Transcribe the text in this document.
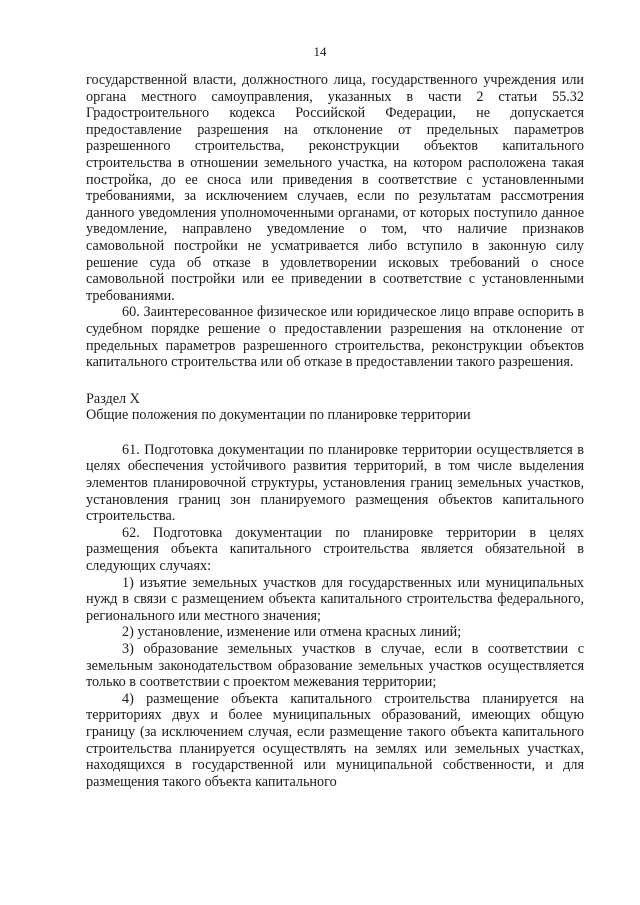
14

государственной власти, должностного лица, государственного учреждения или органа местного самоуправления, указанных в части 2 статьи 55.32 Градостроительного кодекса Российской Федерации, не допускается предоставление разрешения на отклонение от предельных параметров разрешенного строительства, реконструкции объектов капитального строительства в отношении земельного участка, на котором расположена такая постройка, до ее сноса или приведения в соответствие с установленными требованиями, за исключением случаев, если по результатам рассмотрения данного уведомления уполномоченными органами, от которых поступило данное уведомление, направлено уведомление о том, что наличие признаков самовольной постройки не усматривается либо вступило в законную силу решение суда об отказе в удовлетворении исковых требований о сносе самовольной постройки или ее приведении в соответствие с установленными требованиями.

60. Заинтересованное физическое или юридическое лицо вправе оспорить в судебном порядке решение о предоставлении разрешения на отклонение от предельных параметров разрешенного строительства, реконструкции объектов капитального строительства или об отказе в предоставлении такого разрешения.

Раздел X

Общие положения по документации по планировке территории

61. Подготовка документации по планировке территории осуществляется в целях обеспечения устойчивого развития территорий, в том числе выделения элементов планировочной структуры, установления границ земельных участков, установления границ зон планируемого размещения объектов капитального строительства.

62. Подготовка документации по планировке территории в целях размещения объекта капитального строительства является обязательной в следующих случаях:

1) изъятие земельных участков для государственных или муниципальных нужд в связи с размещением объекта капитального строительства федерального, регионального или местного значения;

2) установление, изменение или отмена красных линий;

3) образование земельных участков в случае, если в соответствии с земельным законодательством образование земельных участков осуществляется только в соответствии с проектом межевания территории;

4) размещение объекта капитального строительства планируется на территориях двух и более муниципальных образований, имеющих общую границу (за исключением случая, если размещение такого объекта капитального строительства планируется осуществлять на землях или земельных участках, находящихся в государственной или муниципальной собственности, и для размещения такого объекта капитального
